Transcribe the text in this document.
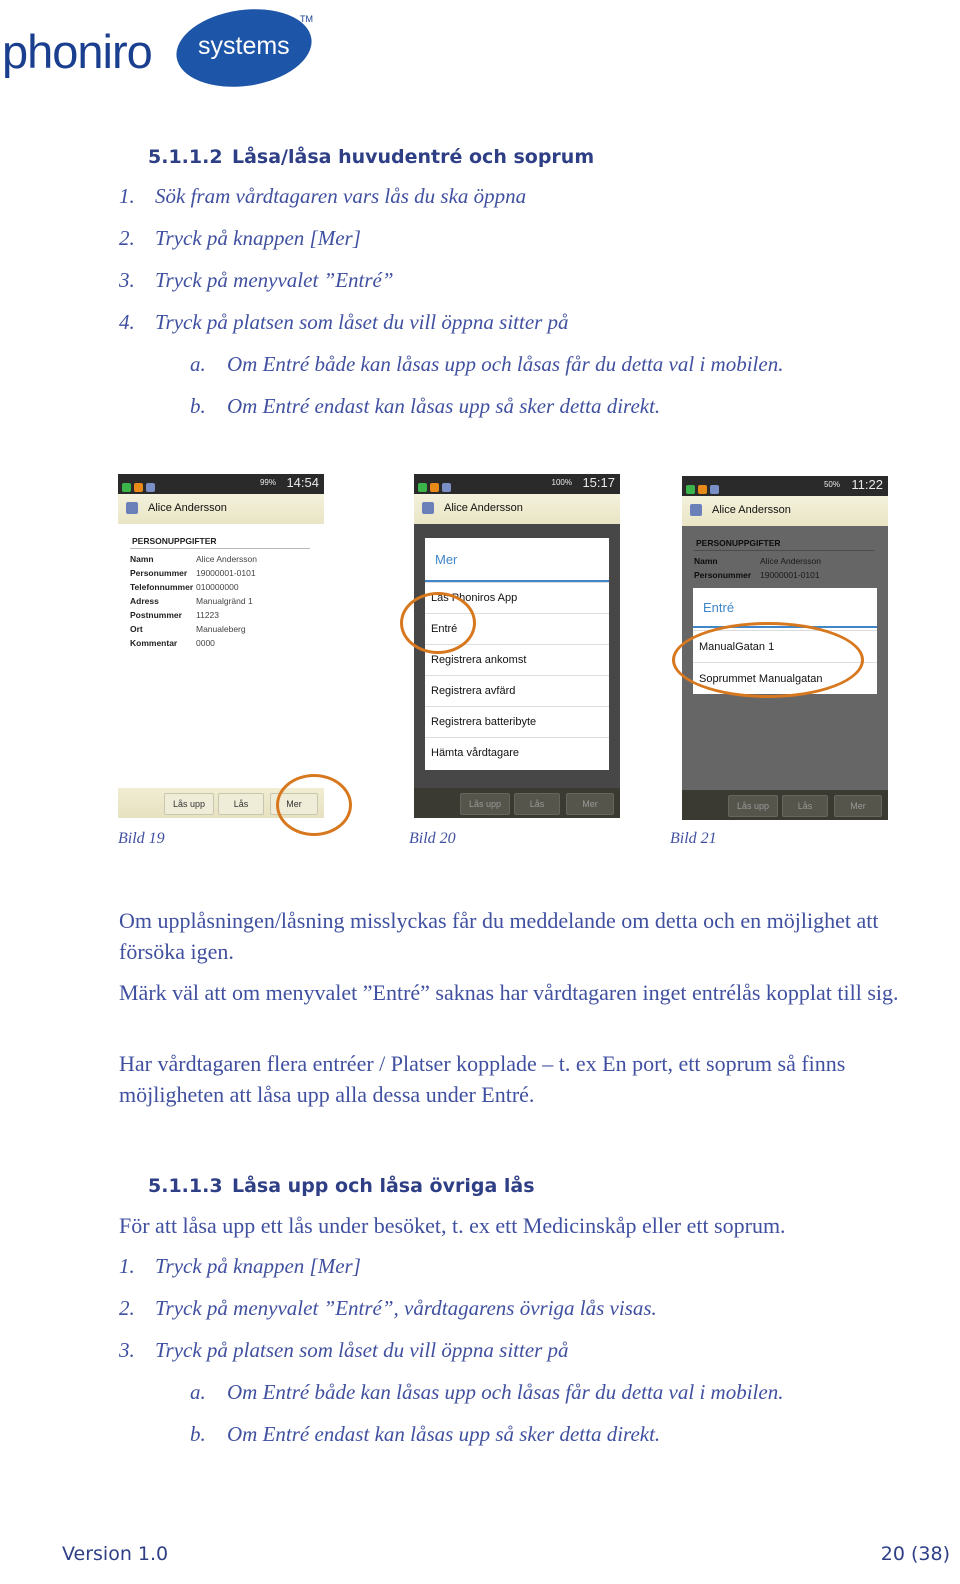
phoniro systems
TM
5.1.1.2 Låsa/låsa huvudentré och soprum
1. Sök fram vårdtagaren vars lås du ska öppna
2. Tryck på knappen [Mer]
3. Tryck på menyvalet ”Entré”
4. Tryck på platsen som låset du vill öppna sitter på
a. Om Entré både kan låsas upp och låsas får du detta val i mobilen.
b. Om Entré endast kan låsas upp så sker detta direkt.
99% 14:54
Alice Andersson
PERSONUPPGIFTER
Namn	Alice Andersson
Personummer 19000001-0101
Telefonnummer 010000000
Adress	Manualgränd 1
Postnummer 11223
Ort	Manualeberg
Kommentar 0000
Lås upp	Lås	Mer
100% 15:17
Alice Andersson
Mer
Läs Phoniros App
Entré
Registrera ankomst
Registrera avfärd
Registrera batteribyte
Hämta vårdtagare
Lås upp	Lås	Mer
50% 11:22
Alice Andersson
Entré
ManualGatan 1
Soprummet Manualgatan
Lås upp	Lås	Mer
Bild 19	Bild 20	Bild 21
Om upplåsningen/låsning misslyckas får du meddelande om detta och en möjlighet att försöka igen.
Märk väl att om menyvalet ”Entré” saknas har vårdtagaren inget entrélås kopplat till sig.
Har vårdtagaren flera entréer / Platser kopplade – t. ex En port, ett soprum så finns möjligheten att låsa upp alla dessa under Entré.
5.1.1.3 Låsa upp och låsa övriga lås
För att låsa upp ett lås under besöket, t. ex ett Medicinskåp eller ett soprum.
1. Tryck på knappen [Mer]
2. Tryck på menyvalet ”Entré”, vårdtagarens övriga lås visas.
3. Tryck på platsen som låset du vill öppna sitter på
a. Om Entré både kan låsas upp och låsas får du detta val i mobilen.
b. Om Entré endast kan låsas upp så sker detta direkt.
Version 1.0	20 (38)
